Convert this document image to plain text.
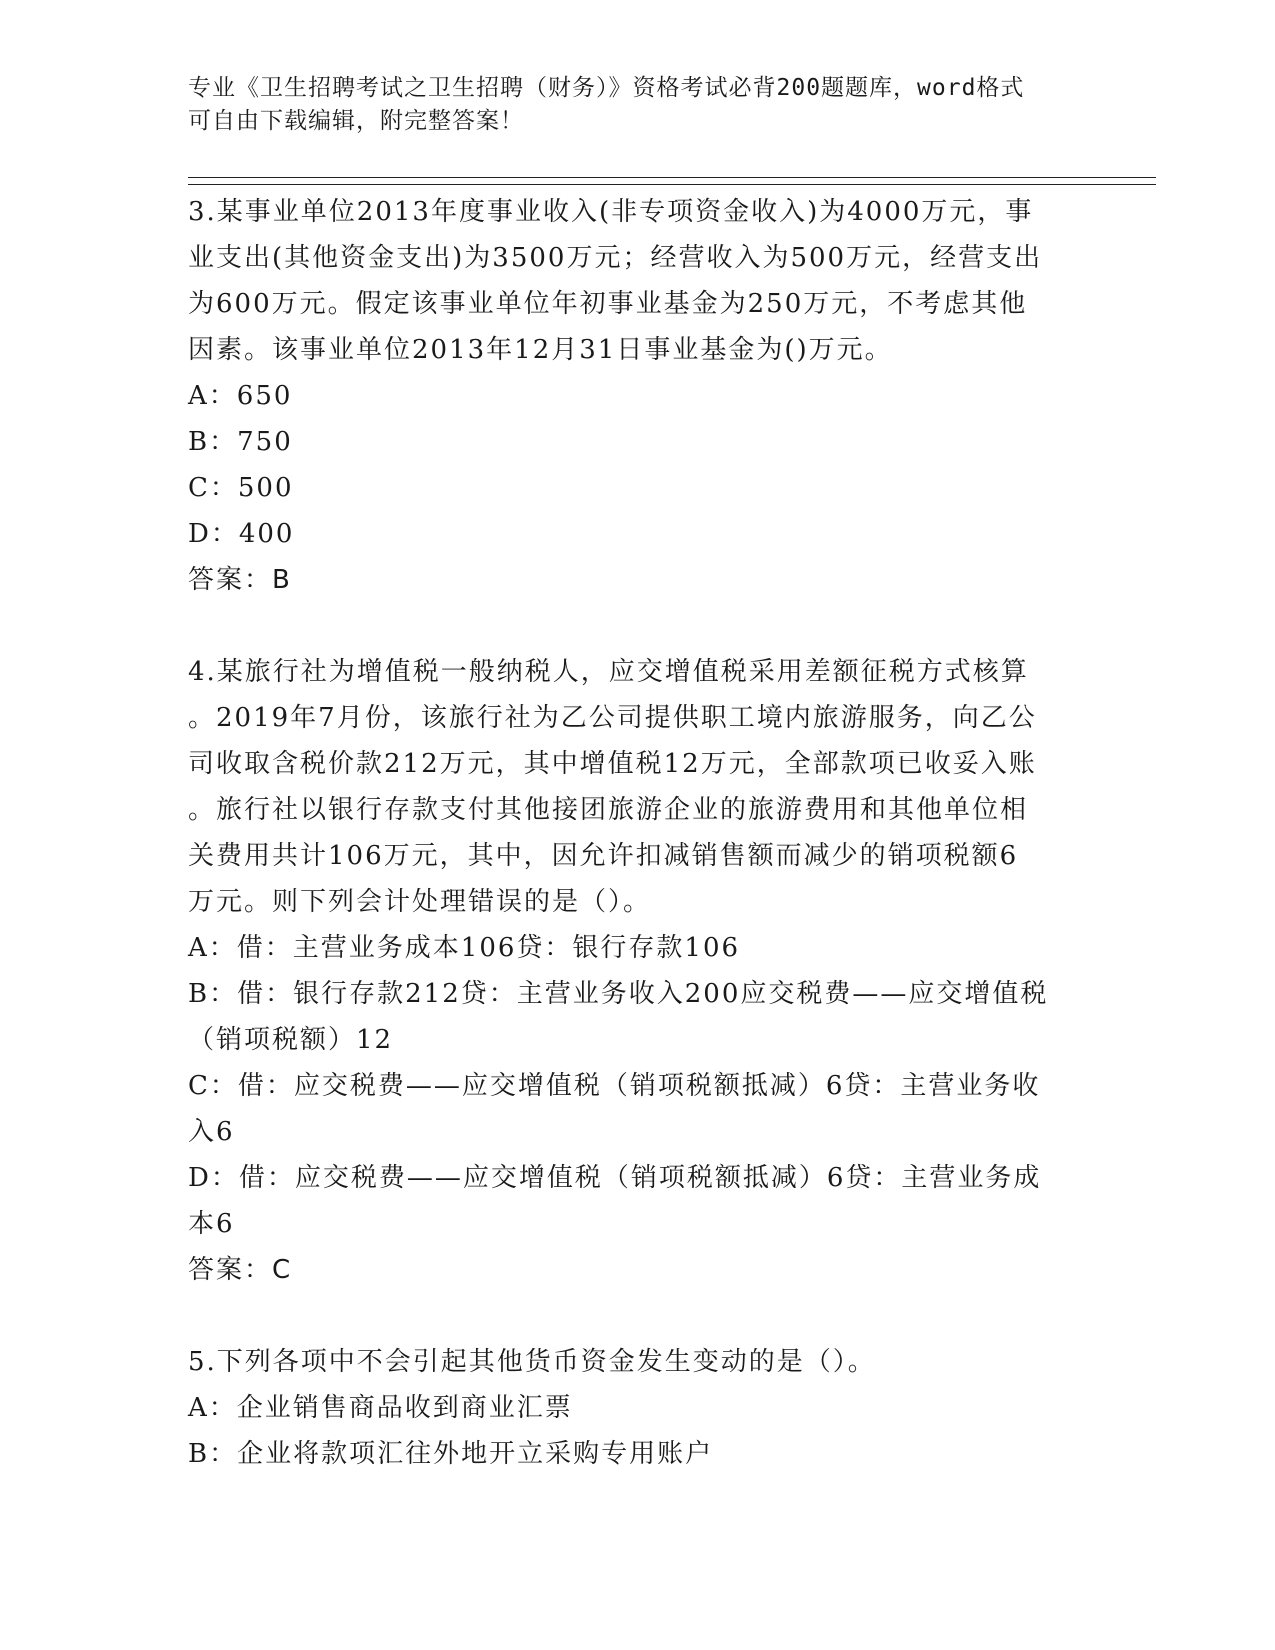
专业《卫生招聘考试之卫生招聘（财务）》资格考试必背200题题库，word格式
可自由下载编辑，附完整答案！
3.某事业单位2013年度事业收入(非专项资金收入)为4000万元，事
业支出(其他资金支出)为3500万元；经营收入为500万元，经营支出
为600万元。假定该事业单位年初事业基金为250万元，不考虑其他
因素。该事业单位2013年12月31日事业基金为()万元。
A：650
B：750
C：500
D：400
答案：B
4.某旅行社为增值税一般纳税人，应交增值税采用差额征税方式核算
。2019年7月份，该旅行社为乙公司提供职工境内旅游服务，向乙公
司收取含税价款212万元，其中增值税12万元，全部款项已收妥入账
。旅行社以银行存款支付其他接团旅游企业的旅游费用和其他单位相
关费用共计106万元，其中，因允许扣减销售额而减少的销项税额6
万元。则下列会计处理错误的是（）。
A：借：主营业务成本106贷：银行存款106
B：借：银行存款212贷：主营业务收入200应交税费——应交增值税
（销项税额）12
C：借：应交税费——应交增值税（销项税额抵减）6贷：主营业务收
入6
D：借：应交税费——应交增值税（销项税额抵减）6贷：主营业务成
本6
答案：C
5.下列各项中不会引起其他货币资金发生变动的是（）。
A：企业销售商品收到商业汇票
B：企业将款项汇往外地开立采购专用账户
